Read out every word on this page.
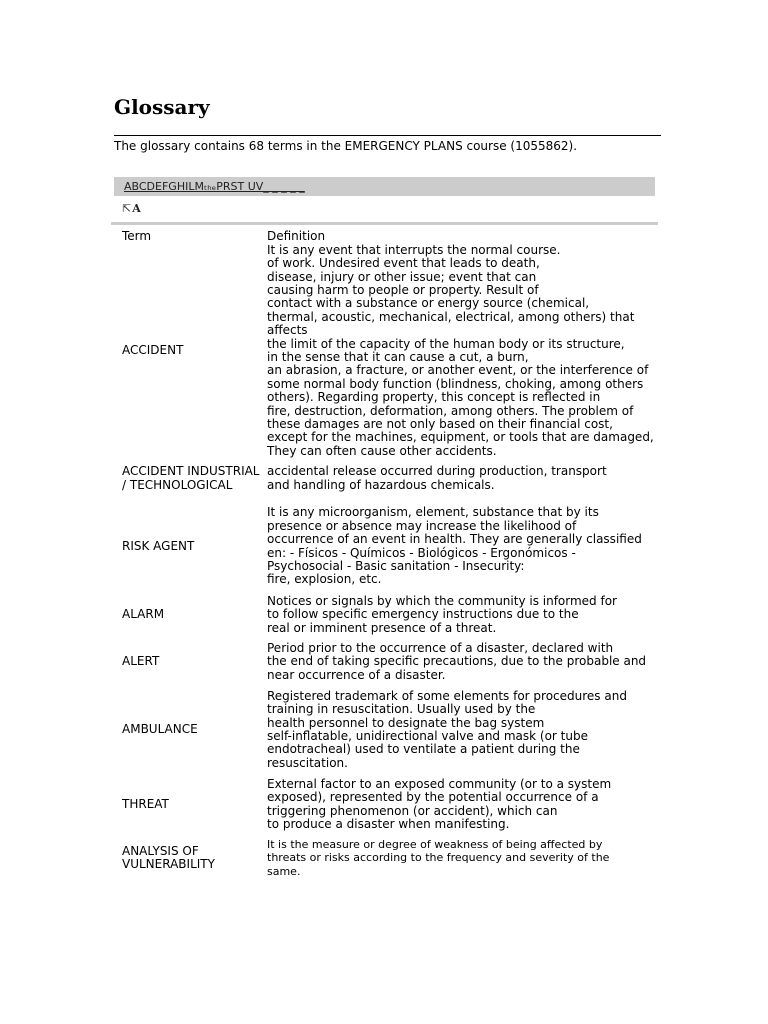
Glossary

The glossary contains 68 terms in the EMERGENCY PLANS course (1055862).

ABCDEFGHILMₜₕₑPRST UV_ _ _ _ _
⇱A
Term	Definition
ACCIDENT
It is any event that interrupts the normal course.
of work. Undesired event that leads to death,
disease, injury or other issue; event that can
causing harm to people or property. Result of
contact with a substance or energy source (chemical,
thermal, acoustic, mechanical, electrical, among others) that affects
the limit of the capacity of the human body or its structure,
in the sense that it can cause a cut, a burn,
an abrasion, a fracture, or another event, or the interference of
some normal body function (blindness, choking, among others
others). Regarding property, this concept is reflected in
fire, destruction, deformation, among others. The problem of
these damages are not only based on their financial cost,
except for the machines, equipment, or tools that are damaged,
They can often cause other accidents.
ACCIDENT INDUSTRIAL / TECHNOLOGICAL
accidental release occurred during production, transport
and handling of hazardous chemicals.
RISK AGENT
It is any microorganism, element, substance that by its
presence or absence may increase the likelihood of
occurrence of an event in health. They are generally classified
en: - Físicos - Químicos - Biológicos - Ergonómicos -
Psychosocial - Basic sanitation - Insecurity:
fire, explosion, etc.
ALARM
Notices or signals by which the community is informed for
to follow specific emergency instructions due to the
real or imminent presence of a threat.
ALERT
Period prior to the occurrence of a disaster, declared with
the end of taking specific precautions, due to the probable and
near occurrence of a disaster.
AMBULANCE
Registered trademark of some elements for procedures and
training in resuscitation. Usually used by the
health personnel to designate the bag system
self-inflatable, unidirectional valve and mask (or tube
endotracheal) used to ventilate a patient during the
resuscitation.
THREAT
External factor to an exposed community (or to a system
exposed), represented by the potential occurrence of a
triggering phenomenon (or accident), which can
to produce a disaster when manifesting.
ANALYSIS OF VULNERABILITY
It is the measure or degree of weakness of being affected by
threats or risks according to the frequency and severity of the
same.
